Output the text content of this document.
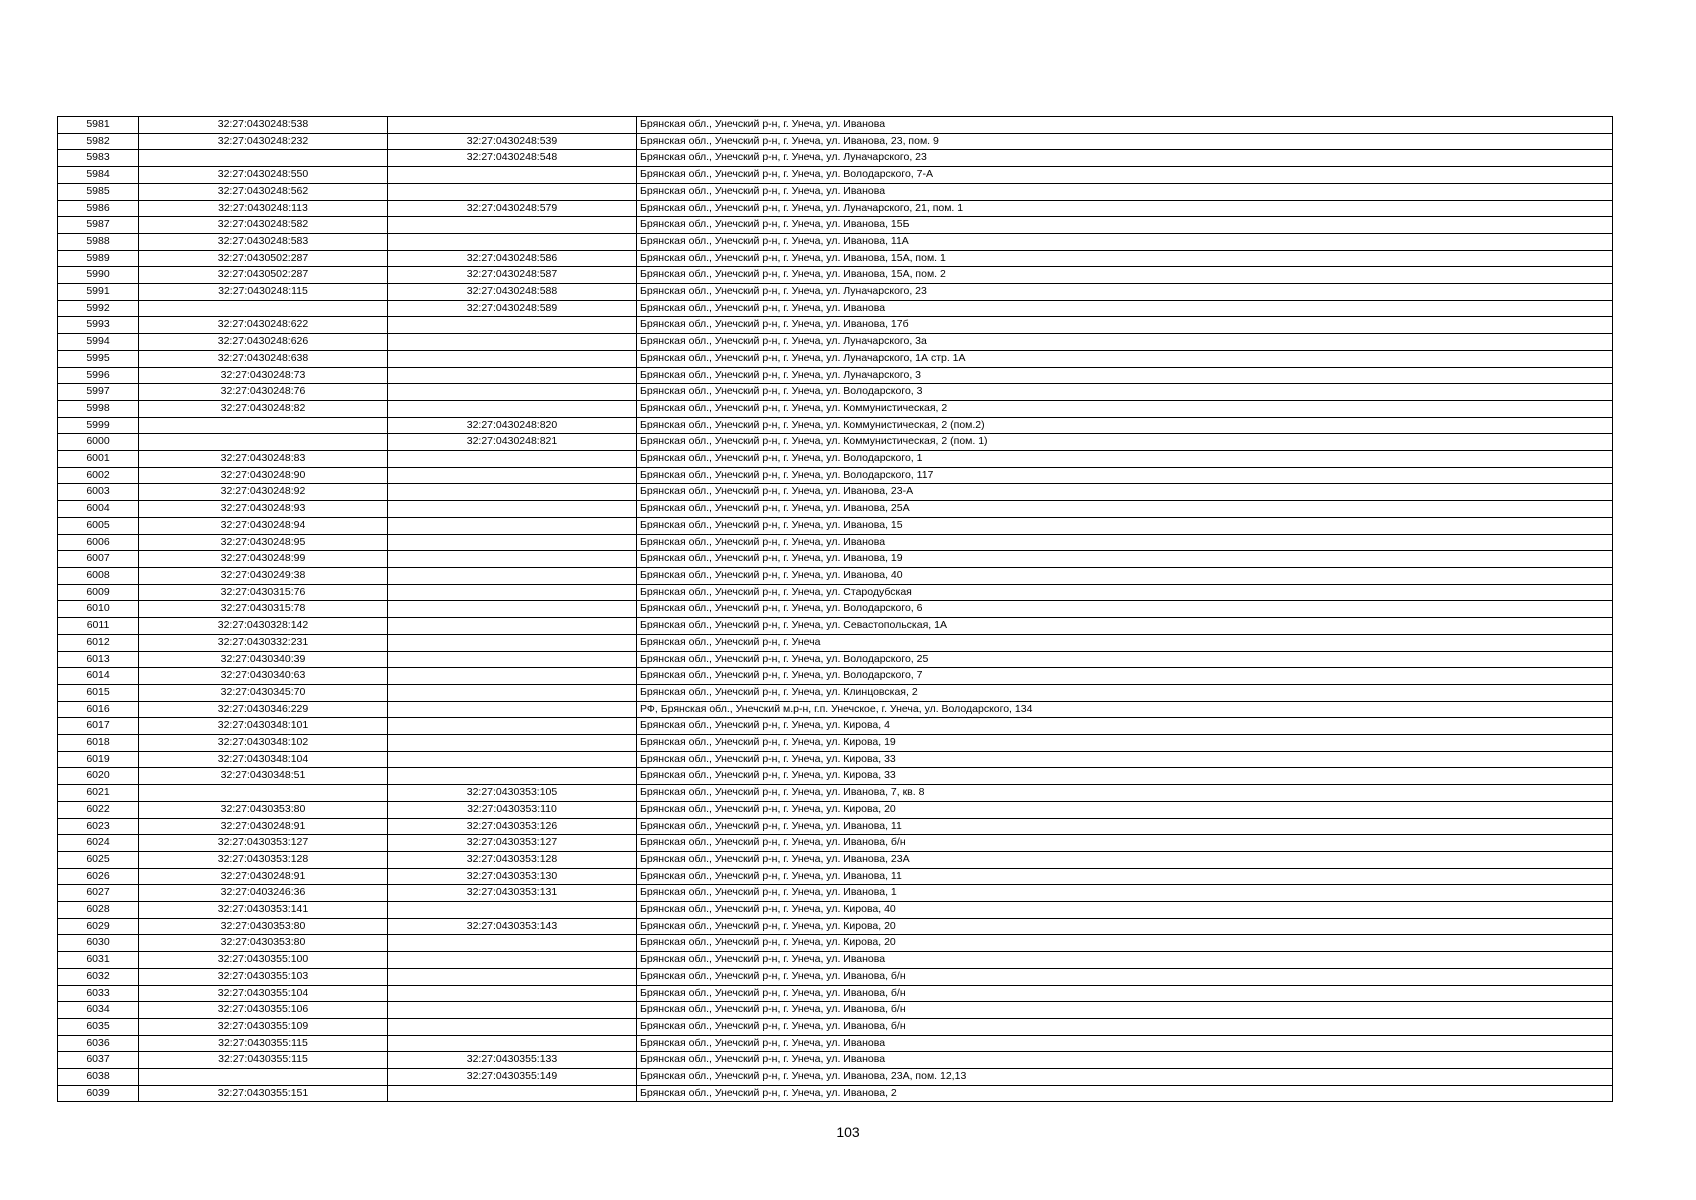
5981	32:27:0430248:538		Брянская обл., Унечский р-н, г. Унеча, ул. Иванова
5982	32:27:0430248:232	32:27:0430248:539	Брянская обл., Унечский р-н, г. Унеча, ул. Иванова, 23, пом. 9
5983		32:27:0430248:548	Брянская обл., Унечский р-н, г. Унеча, ул. Луначарского, 23
5984	32:27:0430248:550		Брянская обл., Унечский р-н, г. Унеча, ул. Володарского, 7-А
5985	32:27:0430248:562		Брянская обл., Унечский р-н, г. Унеча, ул. Иванова
5986	32:27:0430248:113	32:27:0430248:579	Брянская обл., Унечский р-н, г. Унеча, ул. Луначарского, 21, пом. 1
5987	32:27:0430248:582		Брянская обл., Унечский р-н, г. Унеча, ул. Иванова, 15Б
5988	32:27:0430248:583		Брянская обл., Унечский р-н, г. Унеча, ул. Иванова, 11А
5989	32:27:0430502:287	32:27:0430248:586	Брянская обл., Унечский р-н, г. Унеча, ул. Иванова, 15А, пом. 1
5990	32:27:0430502:287	32:27:0430248:587	Брянская обл., Унечский р-н, г. Унеча, ул. Иванова, 15А, пом. 2
5991	32:27:0430248:115	32:27:0430248:588	Брянская обл., Унечский р-н, г. Унеча, ул. Луначарского, 23
5992		32:27:0430248:589	Брянская обл., Унечский р-н, г. Унеча, ул. Иванова
5993	32:27:0430248:622		Брянская обл., Унечский р-н, г. Унеча, ул. Иванова, 17б
5994	32:27:0430248:626		Брянская обл., Унечский р-н, г. Унеча, ул. Луначарского, 3а
5995	32:27:0430248:638		Брянская обл., Унечский р-н, г. Унеча, ул. Луначарского, 1А стр. 1А
5996	32:27:0430248:73		Брянская обл., Унечский р-н, г. Унеча, ул. Луначарского, 3
5997	32:27:0430248:76		Брянская обл., Унечский р-н, г. Унеча, ул. Володарского, 3
5998	32:27:0430248:82		Брянская обл., Унечский р-н, г. Унеча, ул. Коммунистическая, 2
5999		32:27:0430248:820	Брянская обл., Унечский р-н, г. Унеча, ул. Коммунистическая, 2 (пом.2)
6000		32:27:0430248:821	Брянская обл., Унечский р-н, г. Унеча, ул. Коммунистическая, 2 (пом. 1)
6001	32:27:0430248:83		Брянская обл., Унечский р-н, г. Унеча, ул. Володарского, 1
6002	32:27:0430248:90		Брянская обл., Унечский р-н, г. Унеча, ул. Володарского, 117
6003	32:27:0430248:92		Брянская обл., Унечский р-н, г. Унеча, ул. Иванова, 23-А
6004	32:27:0430248:93		Брянская обл., Унечский р-н, г. Унеча, ул. Иванова, 25А
6005	32:27:0430248:94		Брянская обл., Унечский р-н, г. Унеча, ул. Иванова, 15
6006	32:27:0430248:95		Брянская обл., Унечский р-н, г. Унеча, ул. Иванова
6007	32:27:0430248:99		Брянская обл., Унечский р-н, г. Унеча, ул. Иванова, 19
6008	32:27:0430249:38		Брянская обл., Унечский р-н, г. Унеча, ул. Иванова, 40
6009	32:27:0430315:76		Брянская обл., Унечский р-н, г. Унеча, ул. Стародубская
6010	32:27:0430315:78		Брянская обл., Унечский р-н, г. Унеча, ул. Володарского, 6
6011	32:27:0430328:142		Брянская обл., Унечский р-н, г. Унеча, ул. Севастопольская, 1А
6012	32:27:0430332:231		Брянская обл., Унечский р-н, г. Унеча
6013	32:27:0430340:39		Брянская обл., Унечский р-н, г. Унеча, ул. Володарского, 25
6014	32:27:0430340:63		Брянская обл., Унечский р-н, г. Унеча, ул. Володарского, 7
6015	32:27:0430345:70		Брянская обл., Унечский р-н, г. Унеча, ул. Клинцовская, 2
6016	32:27:0430346:229		РФ, Брянская обл., Унечский м.р-н, г.п. Унечское, г. Унеча, ул. Володарского, 134
6017	32:27:0430348:101		Брянская обл., Унечский р-н, г. Унеча, ул. Кирова, 4
6018	32:27:0430348:102		Брянская обл., Унечский р-н, г. Унеча, ул. Кирова, 19
6019	32:27:0430348:104		Брянская обл., Унечский р-н, г. Унеча, ул. Кирова, 33
6020	32:27:0430348:51		Брянская обл., Унечский р-н, г. Унеча, ул. Кирова, 33
6021		32:27:0430353:105	Брянская обл., Унечский р-н, г. Унеча, ул. Иванова, 7, кв. 8
6022	32:27:0430353:80	32:27:0430353:110	Брянская обл., Унечский р-н, г. Унеча, ул. Кирова, 20
6023	32:27:0430248:91	32:27:0430353:126	Брянская обл., Унечский р-н, г. Унеча, ул. Иванова, 11
6024	32:27:0430353:127	32:27:0430353:127	Брянская обл., Унечский р-н, г. Унеча, ул. Иванова, б/н
6025	32:27:0430353:128	32:27:0430353:128	Брянская обл., Унечский р-н, г. Унеча, ул. Иванова, 23А
6026	32:27:0430248:91	32:27:0430353:130	Брянская обл., Унечский р-н, г. Унеча, ул. Иванова, 11
6027	32:27:0403246:36	32:27:0430353:131	Брянская обл., Унечский р-н, г. Унеча, ул. Иванова, 1
6028	32:27:0430353:141		Брянская обл., Унечский р-н, г. Унеча, ул. Кирова, 40
6029	32:27:0430353:80	32:27:0430353:143	Брянская обл., Унечский р-н, г. Унеча, ул. Кирова, 20
6030	32:27:0430353:80		Брянская обл., Унечский р-н, г. Унеча, ул. Кирова, 20
6031	32:27:0430355:100		Брянская обл., Унечский р-н, г. Унеча, ул. Иванова
6032	32:27:0430355:103		Брянская обл., Унечский р-н, г. Унеча, ул. Иванова, б/н
6033	32:27:0430355:104		Брянская обл., Унечский р-н, г. Унеча, ул. Иванова, б/н
6034	32:27:0430355:106		Брянская обл., Унечский р-н, г. Унеча, ул. Иванова, б/н
6035	32:27:0430355:109		Брянская обл., Унечский р-н, г. Унеча, ул. Иванова, б/н
6036	32:27:0430355:115		Брянская обл., Унечский р-н, г. Унеча, ул. Иванова
6037	32:27:0430355:115	32:27:0430355:133	Брянская обл., Унечский р-н, г. Унеча, ул. Иванова
6038		32:27:0430355:149	Брянская обл., Унечский р-н, г. Унеча, ул. Иванова, 23А, пом. 12,13
6039	32:27:0430355:151		Брянская обл., Унечский р-н, г. Унеча, ул. Иванова, 2
103
